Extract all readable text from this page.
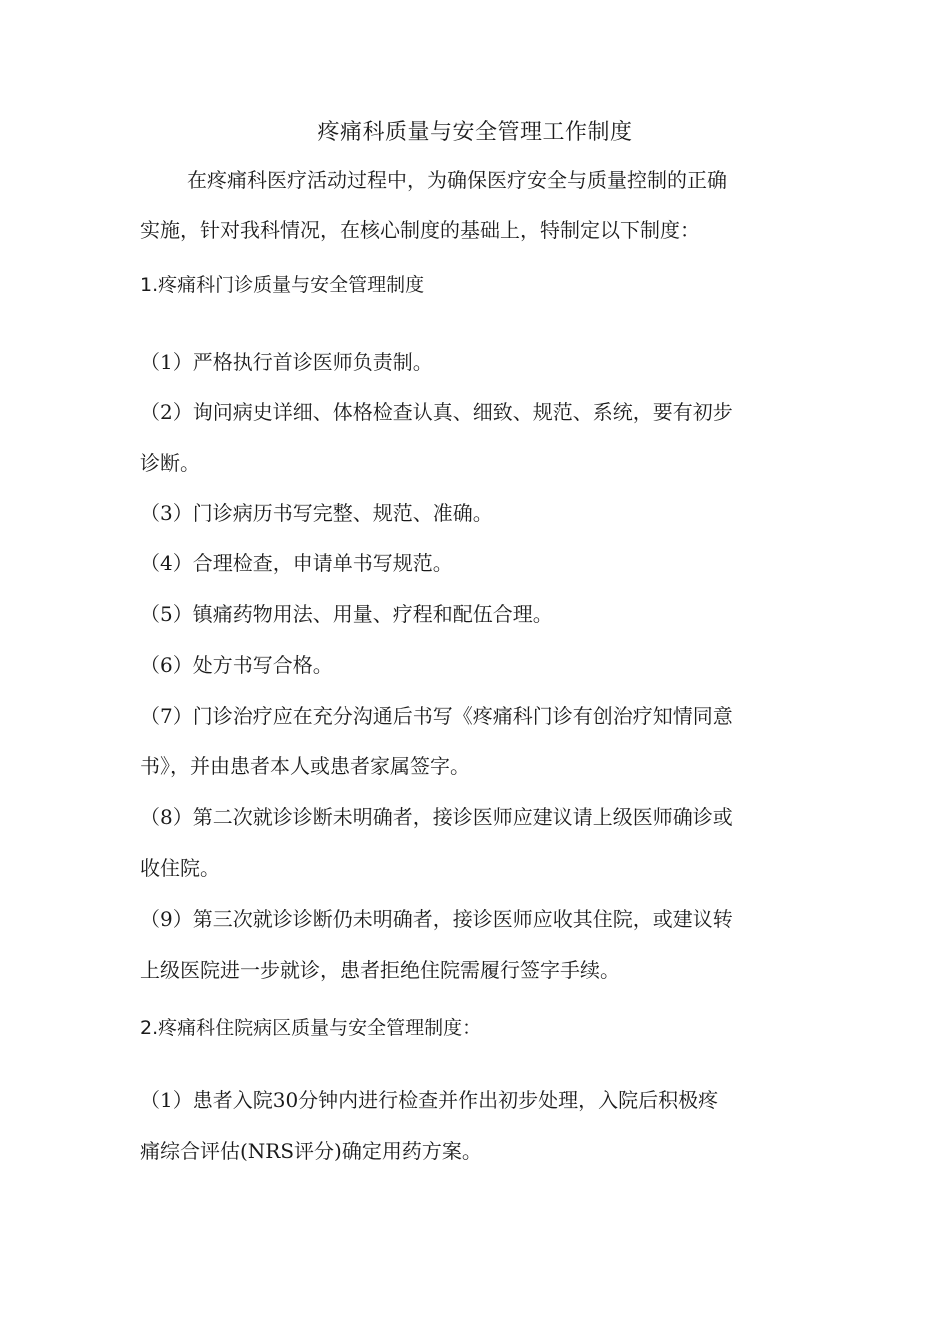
疼痛科质量与安全管理工作制度
在疼痛科医疗活动过程中，为确保医疗安全与质量控制的正确
实施，针对我科情况，在核心制度的基础上，特制定以下制度：
1.疼痛科门诊质量与安全管理制度
（1）严格执行首诊医师负责制。
（2）询问病史详细、体格检查认真、细致、规范、系统，要有初步
诊断。
（3）门诊病历书写完整、规范、准确。
（4）合理检查，申请单书写规范。
（5）镇痛药物用法、用量、疗程和配伍合理。
（6）处方书写合格。
（7）门诊治疗应在充分沟通后书写《疼痛科门诊有创治疗知情同意
书》，并由患者本人或患者家属签字。
（8）第二次就诊诊断未明确者，接诊医师应建议请上级医师确诊或
收住院。
（9）第三次就诊诊断仍未明确者，接诊医师应收其住院，或建议转
上级医院进一步就诊，患者拒绝住院需履行签字手续。
2.疼痛科住院病区质量与安全管理制度：
（1）患者入院30分钟内进行检查并作出初步处理，入院后积极疼
痛综合评估(NRS评分)确定用药方案。
